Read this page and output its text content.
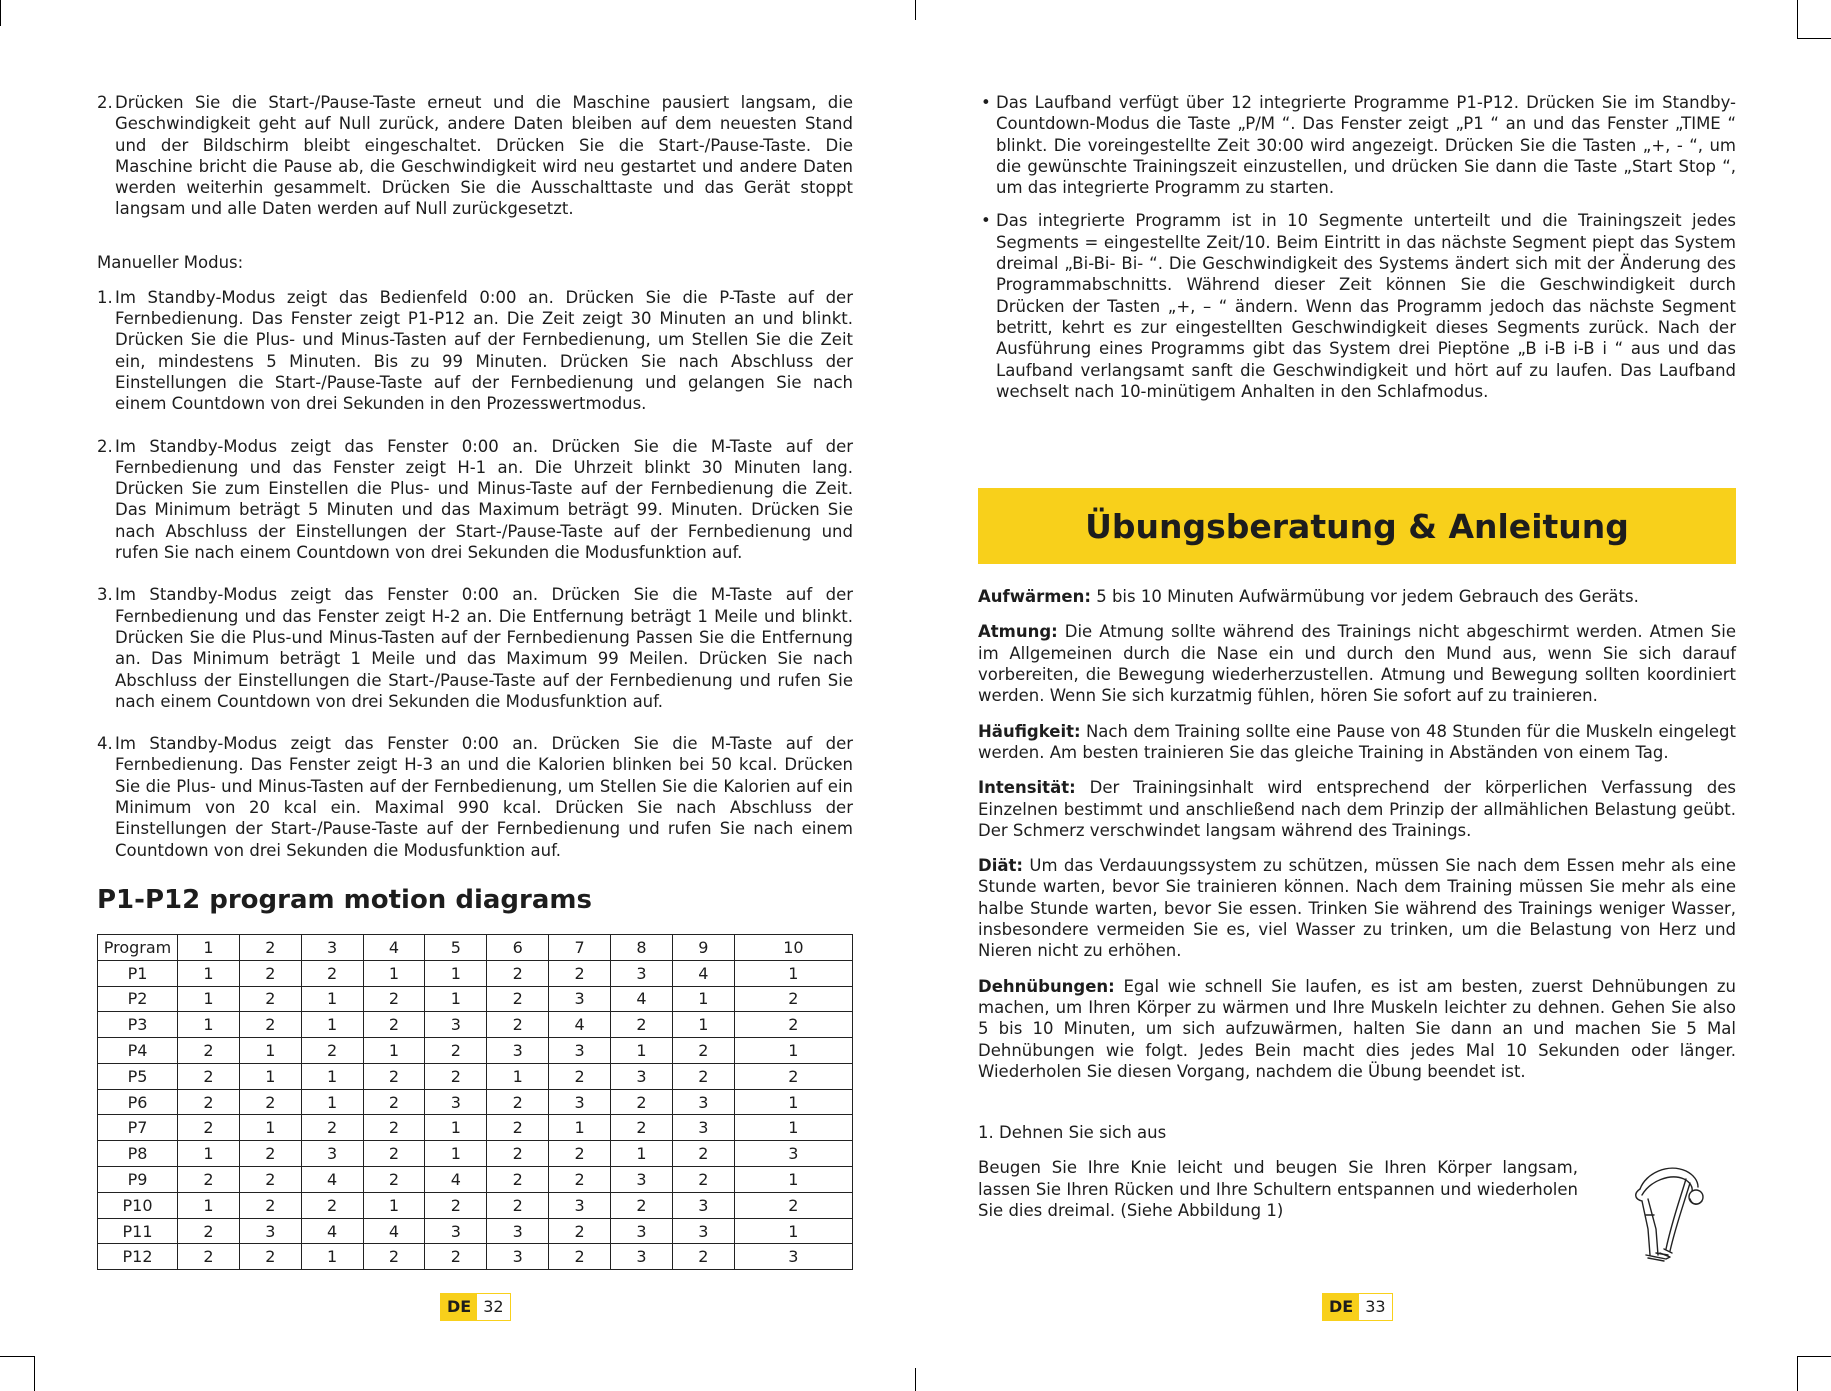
2. Drücken Sie die Start-/Pause-Taste erneut und die Maschine pausiert langsam, die Geschwindigkeit geht auf Null zurück, andere Daten bleiben auf dem neuesten Stand und der Bildschirm bleibt eingeschaltet. Drücken Sie die Start-/Pause-Taste. Die Maschine bricht die Pause ab, die Geschwindigkeit wird neu gestartet und andere Daten werden weiterhin gesammelt. Drücken Sie die Ausschalttaste und das Gerät stoppt langsam und alle Daten werden auf Null zurückgesetzt.
Manueller Modus:
1. Im Standby-Modus zeigt das Bedienfeld 0:00 an. Drücken Sie die P-Taste auf der Fernbedienung. Das Fenster zeigt P1-P12 an. Die Zeit zeigt 30 Minuten an und blinkt. Drücken Sie die Plus- und Minus-Tasten auf der Fernbedienung, um Stellen Sie die Zeit ein, mindestens 5 Minuten. Bis zu 99 Minuten. Drücken Sie nach Abschluss der Einstellungen die Start-/Pause-Taste auf der Fernbedienung und gelangen Sie nach einem Countdown von drei Sekunden in den Prozesswertmodus.
2. Im Standby-Modus zeigt das Fenster 0:00 an. Drücken Sie die M-Taste auf der Fernbedienung und das Fenster zeigt H-1 an. Die Uhrzeit blinkt 30 Minuten lang. Drücken Sie zum Einstellen die Plus- und Minus-Taste auf der Fernbedienung die Zeit. Das Minimum beträgt 5 Minuten und das Maximum beträgt 99. Minuten. Drücken Sie nach Abschluss der Einstellungen der Start-/Pause-Taste auf der Fernbedienung und rufen Sie nach einem Countdown von drei Sekunden die Modusfunktion auf.
3. Im Standby-Modus zeigt das Fenster 0:00 an. Drücken Sie die M-Taste auf der Fernbedienung und das Fenster zeigt H-2 an. Die Entfernung beträgt 1 Meile und blinkt. Drücken Sie die Plus-und Minus-Tasten auf der Fernbedienung Passen Sie die Entfernung an. Das Minimum beträgt 1 Meile und das Maximum 99 Meilen. Drücken Sie nach Abschluss der Einstellungen die Start-/Pause-Taste auf der Fernbedienung und rufen Sie nach einem Countdown von drei Sekunden die Modusfunktion auf.
4. Im Standby-Modus zeigt das Fenster 0:00 an. Drücken Sie die M-Taste auf der Fernbedienung. Das Fenster zeigt H-3 an und die Kalorien blinken bei 50 kcal. Drücken Sie die Plus- und Minus-Tasten auf der Fernbedienung, um Stellen Sie die Kalorien auf ein Minimum von 20 kcal ein. Maximal 990 kcal. Drücken Sie nach Abschluss der Einstellungen der Start-/Pause-Taste auf der Fernbedienung und rufen Sie nach einem Countdown von drei Sekunden die Modusfunktion auf.
P1-P12 program motion diagrams
Program	1	2	3	4	5	6	7	8	9	10
P1	1	2	2	1	1	2	2	3	4	1
P2	1	2	1	2	1	2	3	4	1	2
P3	1	2	1	2	3	2	4	2	1	2
P4	2	1	2	1	2	3	3	1	2	1
P5	2	1	1	2	2	1	2	3	2	2
P6	2	2	1	2	3	2	3	2	3	1
P7	2	1	2	2	1	2	1	2	3	1
P8	1	2	3	2	1	2	2	1	2	3
P9	2	2	4	2	4	2	2	3	2	1
P10	1	2	2	1	2	2	3	2	3	2
P11	2	3	4	4	3	3	2	3	3	1
P12	2	2	1	2	2	3	2	3	2	3
DE 32
• Das Laufband verfügt über 12 integrierte Programme P1-P12. Drücken Sie im Standby-Countdown-Modus die Taste „P/M “. Das Fenster zeigt „P1 “ an und das Fenster „TIME “ blinkt. Die voreingestellte Zeit 30:00 wird angezeigt. Drücken Sie die Tasten „+, - “, um die gewünschte Trainingszeit einzustellen, und drücken Sie dann die Taste „Start Stop “, um das integrierte Programm zu starten.
• Das integrierte Programm ist in 10 Segmente unterteilt und die Trainingszeit jedes Segments = eingestellte Zeit/10. Beim Eintritt in das nächste Segment piept das System dreimal „Bi-Bi- Bi- “. Die Geschwindigkeit des Systems ändert sich mit der Änderung des Programmabschnitts. Während dieser Zeit können Sie die Geschwindigkeit durch Drücken der Tasten „+, – “ ändern. Wenn das Programm jedoch das nächste Segment betritt, kehrt es zur eingestellten Geschwindigkeit dieses Segments zurück. Nach der Ausführung eines Programms gibt das System drei Pieptöne „B i-B i-B i “ aus und das Laufband verlangsamt sanft die Geschwindigkeit und hört auf zu laufen. Das Laufband wechselt nach 10-minütigem Anhalten in den Schlafmodus.
Übungsberatung & Anleitung

Aufwärmen: 5 bis 10 Minuten Aufwärmübung vor jedem Gebrauch des Geräts.

Atmung: Die Atmung sollte während des Trainings nicht abgeschirmt werden. Atmen Sie im Allgemeinen durch die Nase ein und durch den Mund aus, wenn Sie sich darauf vorbereiten, die Bewegung wiederherzustellen. Atmung und Bewegung sollten koordiniert werden. Wenn Sie sich kurzatmig fühlen, hören Sie sofort auf zu trainieren.

Häufigkeit: Nach dem Training sollte eine Pause von 48 Stunden für die Muskeln eingelegt werden. Am besten trainieren Sie das gleiche Training in Abständen von einem Tag.

Intensität: Der Trainingsinhalt wird entsprechend der körperlichen Verfassung des Einzelnen bestimmt und anschließend nach dem Prinzip der allmählichen Belastung geübt. Der Schmerz verschwindet langsam während des Trainings.

Diät: Um das Verdauungssystem zu schützen, müssen Sie nach dem Essen mehr als eine Stunde warten, bevor Sie trainieren können. Nach dem Training müssen Sie mehr als eine halbe Stunde warten, bevor Sie essen. Trinken Sie während des Trainings weniger Wasser, insbesondere vermeiden Sie es, viel Wasser zu trinken, um die Belastung von Herz und Nieren nicht zu erhöhen.

Dehnübungen: Egal wie schnell Sie laufen, es ist am besten, zuerst Dehnübungen zu machen, um Ihren Körper zu wärmen und Ihre Muskeln leichter zu dehnen. Gehen Sie also 5 bis 10 Minuten, um sich aufzuwärmen, halten Sie dann an und machen Sie 5 Mal Dehnübungen wie folgt. Jedes Bein macht dies jedes Mal 10 Sekunden oder länger. Wiederholen Sie diesen Vorgang, nachdem die Übung beendet ist.

1. Dehnen Sie sich aus
Beugen Sie Ihre Knie leicht und beugen Sie Ihren Körper langsam, lassen Sie Ihren Rücken und Ihre Schultern entspannen und wiederholen Sie dies dreimal. (Siehe Abbildung 1)
DE 33
